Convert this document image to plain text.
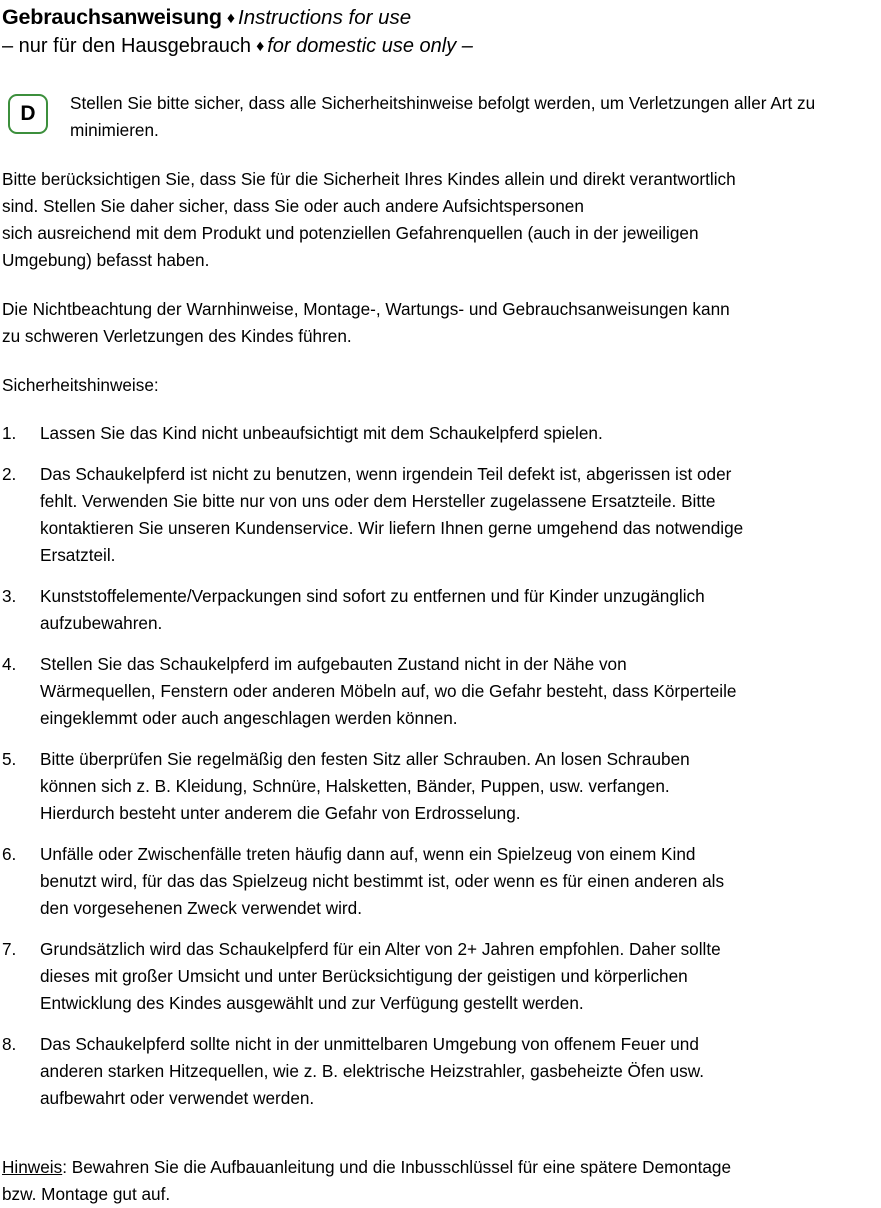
Gebrauchsanweisung ♦ Instructions for use
– nur für den Hausgebrauch ♦ for domestic use only –
D	Stellen Sie bitte sicher, dass alle Sicherheitshinweise befolgt werden, um Verletzungen aller Art zu minimieren.
Bitte berücksichtigen Sie, dass Sie für die Sicherheit Ihres Kindes allein und direkt verantwortlich
sind. Stellen Sie daher sicher, dass Sie oder auch andere Aufsichtspersonen
sich ausreichend mit dem Produkt und potenziellen Gefahrenquellen (auch in der jeweiligen
Umgebung) befasst haben.
Die Nichtbeachtung der Warnhinweise, Montage-, Wartungs- und Gebrauchsanweisungen kann
zu schweren Verletzungen des Kindes führen.
Sicherheitshinweise:
1.	Lassen Sie das Kind nicht unbeaufsichtigt mit dem Schaukelpferd spielen.
2.	Das Schaukelpferd ist nicht zu benutzen, wenn irgendein Teil defekt ist, abgerissen ist oder
fehlt. Verwenden Sie bitte nur von uns oder dem Hersteller zugelassene Ersatzteile. Bitte
kontaktieren Sie unseren Kundenservice. Wir liefern Ihnen gerne umgehend das notwendige
Ersatzteil.
3.	Kunststoffelemente/Verpackungen sind sofort zu entfernen und für Kinder unzugänglich
aufzubewahren.
4.	Stellen Sie das Schaukelpferd im aufgebauten Zustand nicht in der Nähe von
Wärmequellen, Fenstern oder anderen Möbeln auf, wo die Gefahr besteht, dass Körperteile
eingeklemmt oder auch angeschlagen werden können.
5.	Bitte überprüfen Sie regelmäßig den festen Sitz aller Schrauben. An losen Schrauben
können sich z. B. Kleidung, Schnüre, Halsketten, Bänder, Puppen, usw. verfangen.
Hierdurch besteht unter anderem die Gefahr von Erdrosselung.
6.	Unfälle oder Zwischenfälle treten häufig dann auf, wenn ein Spielzeug von einem Kind
benutzt wird, für das das Spielzeug nicht bestimmt ist, oder wenn es für einen anderen als
den vorgesehenen Zweck verwendet wird.
7.	Grundsätzlich wird das Schaukelpferd für ein Alter von 2+ Jahren empfohlen. Daher sollte
dieses mit großer Umsicht und unter Berücksichtigung der geistigen und körperlichen
Entwicklung des Kindes ausgewählt und zur Verfügung gestellt werden.
8.	Das Schaukelpferd sollte nicht in der unmittelbaren Umgebung von offenem Feuer und
anderen starken Hitzequellen, wie z. B. elektrische Heizstrahler, gasbeheizte Öfen usw.
aufbewahrt oder verwendet werden.
Hinweis: Bewahren Sie die Aufbauanleitung und die Inbusschlüssel für eine spätere Demontage
bzw. Montage gut auf.
